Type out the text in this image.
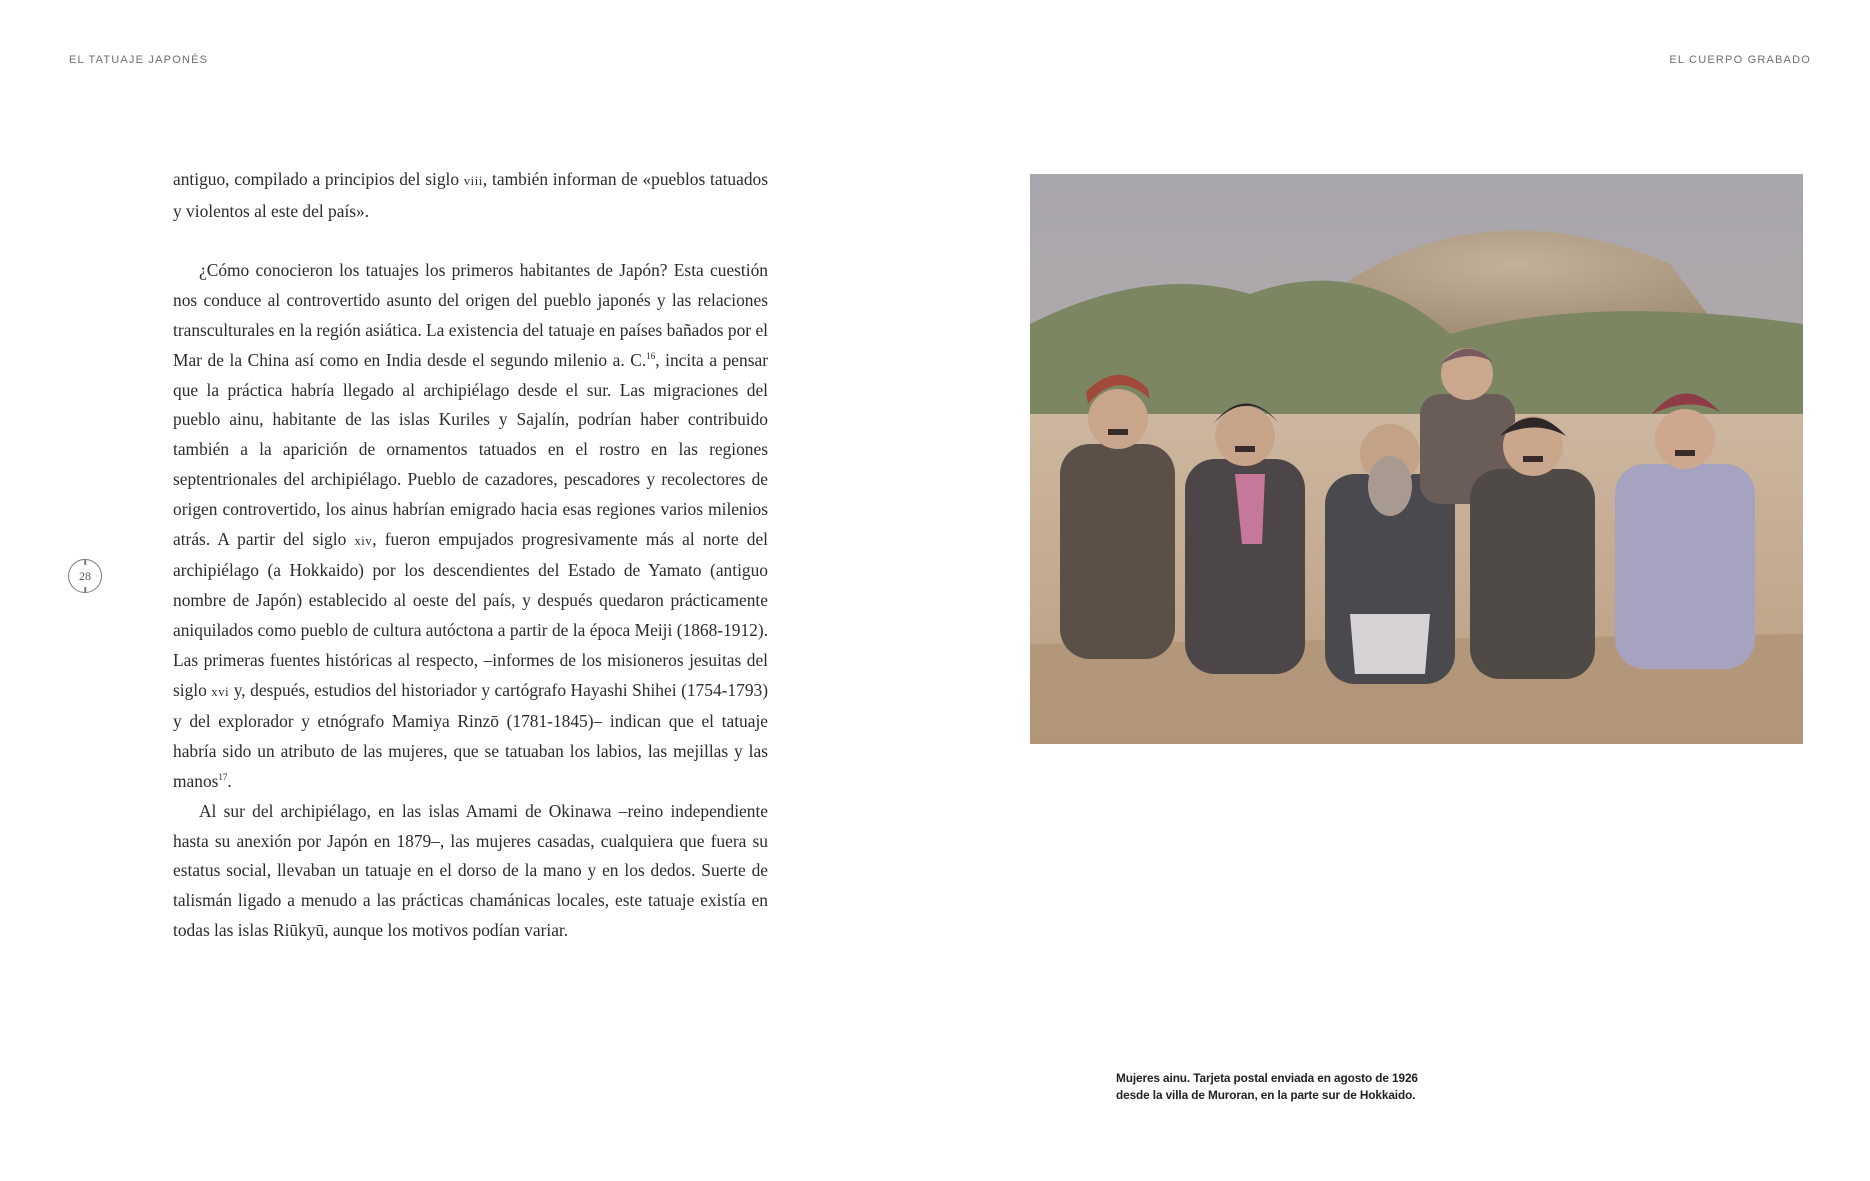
EL TATUAJE JAPONÉS	EL CUERPO GRABADO
28

antiguo, compilado a principios del siglo viii, también informan de «pueblos tatuados y violentos al este del país».

¿Cómo conocieron los tatuajes los primeros habitantes de Japón? Esta cuestión nos conduce al controvertido asunto del origen del pueblo japonés y las relaciones transculturales en la región asiática. La existencia del tatuaje en países bañados por el Mar de la China así como en India desde el segundo milenio a. C.$^{16}$, incita a pensar que la práctica habría llegado al archipiélago desde el sur. Las migraciones del pueblo ainu, habitante de las islas Kuriles y Sajalín, podrían haber contribuido también a la aparición de ornamentos tatuados en el rostro en las regiones septentrionales del archipiélago. Pueblo de cazadores, pescadores y recolectores de origen controvertido, los ainus habrían emigrado hacia esas regiones varios milenios atrás. A partir del siglo xiv, fueron empujados progresivamente más al norte del archipiélago (a Hokkaido) por los descendientes del Estado de Yamato (antiguo nombre de Japón) establecido al oeste del país, y después quedaron prácticamente aniquilados como pueblo de cultura autóctona a partir de la época Meiji (1868-1912). Las primeras fuentes históricas al respecto, –informes de los misioneros jesuitas del siglo xvi y, después, estudios del historiador y cartógrafo Hayashi Shihei (1754-1793) y del explorador y etnógrafo Mamiya Rinzō (1781-1845)– indican que el tatuaje habría sido un atributo de las mujeres, que se tatuaban los labios, las mejillas y las manos$^{17}$.

Al sur del archipiélago, en las islas Amami de Okinawa –reino independiente hasta su anexión por Japón en 1879–, las mujeres casadas, cualquiera que fuera su estatus social, llevaban un tatuaje en el dorso de la mano y en los dedos. Suerte de talismán ligado a menudo a las prácticas chamánicas locales, este tatuaje existía en todas las islas Riūkyū, aunque los motivos podían variar.

Mujeres ainu. Tarjeta postal enviada en agosto de 1926
desde la villa de Muroran, en la parte sur de Hokkaido.
